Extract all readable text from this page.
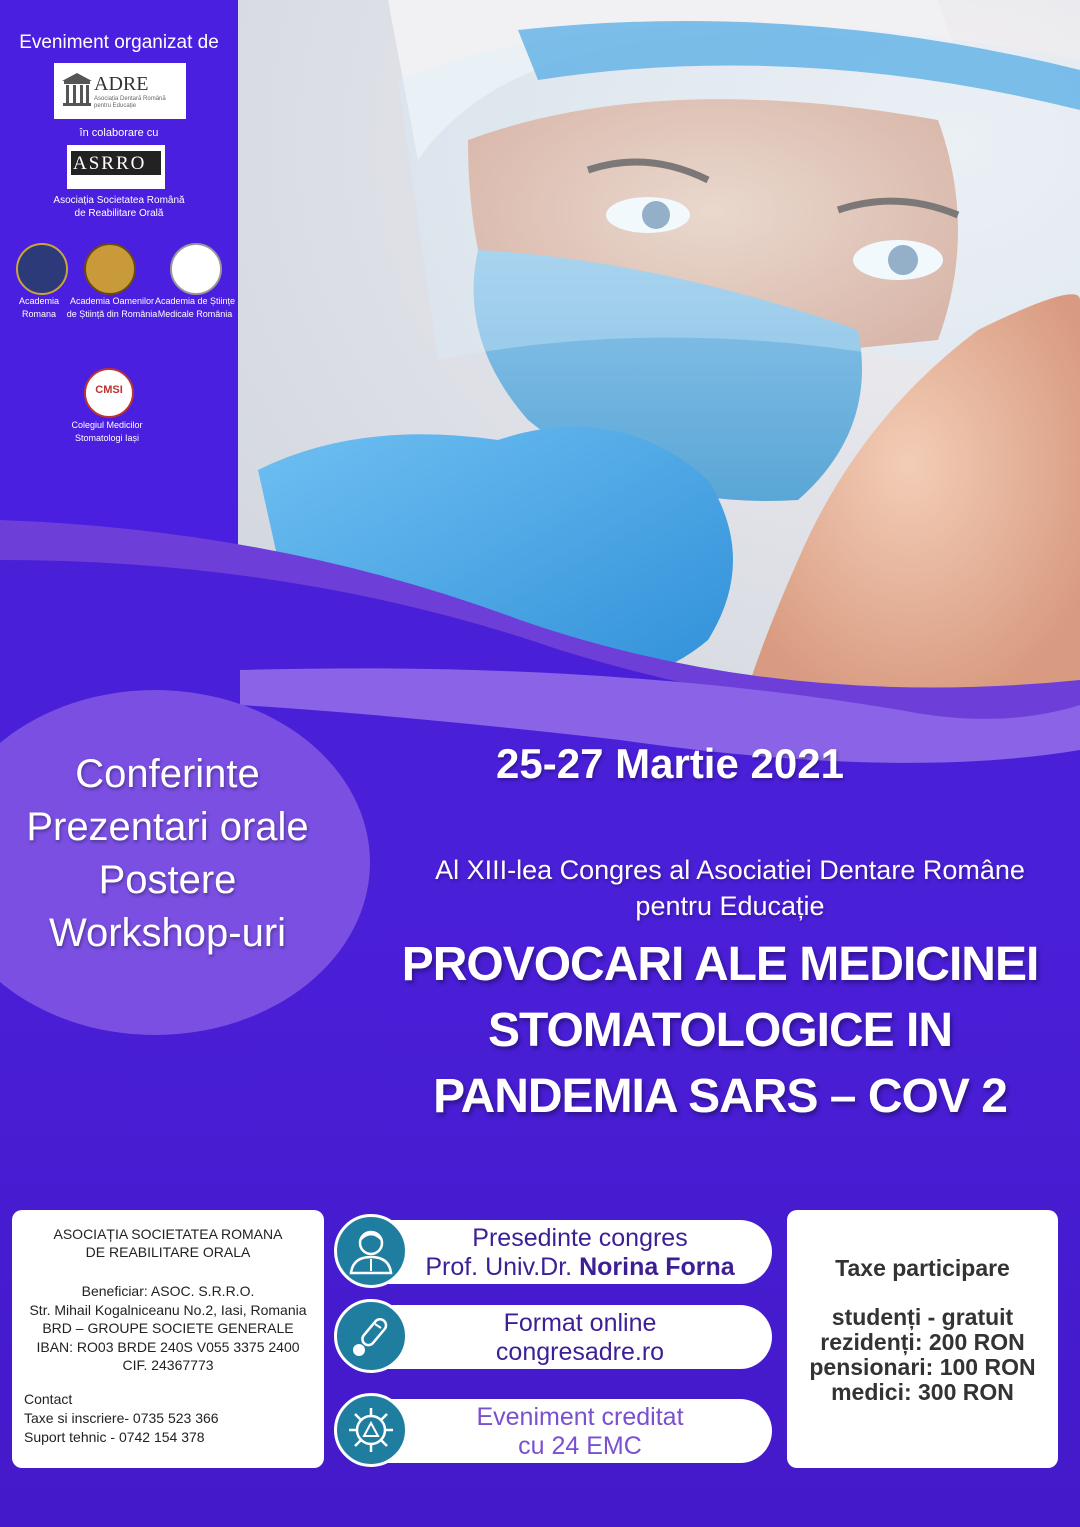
Eveniment organizat de
ADRE
Asociația Dentară Română pentru Educație
în colaborare cu
ASRRO
Asociația Societatea Română
de Reabilitare Orală
Academia
Romana
Academia Oamenilor
de Știință din România
Academia de Științe
Medicale România
CMSI
Colegiul Medicilor
Stomatologi Iași
Conferinte
Prezentari orale
Postere
Workshop-uri
25-27 Martie 2021
Al XIII-lea Congres al Asociatiei Dentare Române
pentru Educație
PROVOCARI ALE MEDICINEI
STOMATOLOGICE IN
PANDEMIA SARS – COV 2
ASOCIAȚIA SOCIETATEA ROMANA
DE REABILITARE ORALA
Beneficiar: ASOC. S.R.R.O.
Str. Mihail Kogalniceanu No.2, Iasi, Romania
BRD – GROUPE SOCIETE GENERALE
IBAN: RO03 BRDE 240S V055 3375 2400
CIF. 24367773
Contact
Taxe si inscriere- 0735 523 366
Suport tehnic - 0742 154 378
Presedinte congres
Prof. Univ.Dr. Norina Forna
Format online
congresadre.ro
Eveniment creditat
cu 24 EMC
Taxe participare
studenți - gratuit
rezidenți: 200 RON
pensionari: 100 RON
medici: 300 RON
